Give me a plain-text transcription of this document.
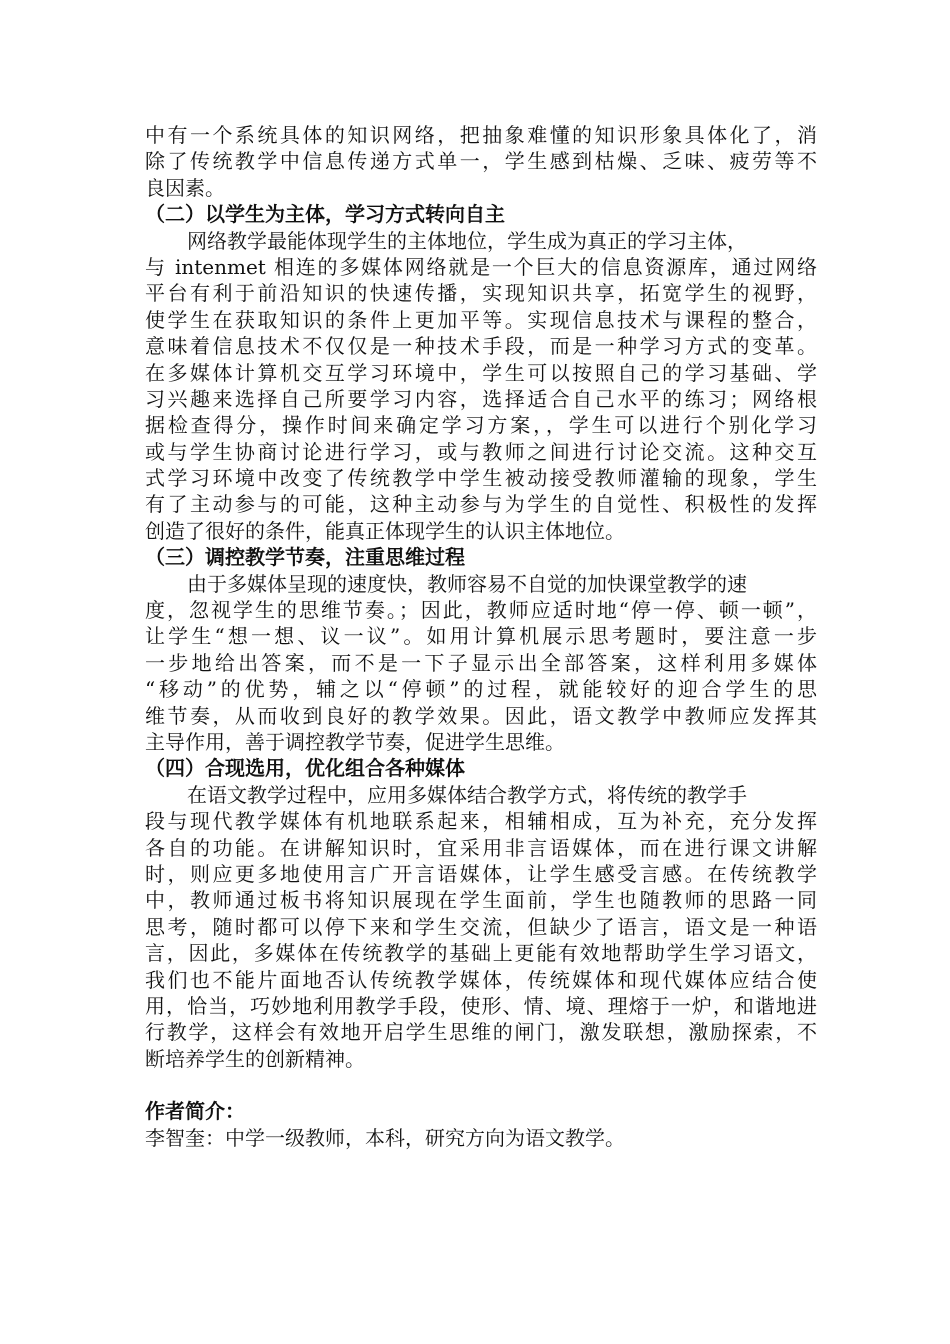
中有一个系统具体的知识网络，把抽象难懂的知识形象具体化了，消
除了传统教学中信息传递方式单一，学生感到枯燥、乏味、疲劳等不
良因素。
（二）以学生为主体，学习方式转向自主
网络教学最能体现学生的主体地位，学生成为真正的学习主体，
与 intenmet 相连的多媒体网络就是一个巨大的信息资源库，通过网络
平台有利于前沿知识的快速传播，实现知识共享，拓宽学生的视野，
使学生在获取知识的条件上更加平等。实现信息技术与课程的整合，
意味着信息技术不仅仅是一种技术手段，而是一种学习方式的变革。
在多媒体计算机交互学习环境中，学生可以按照自己的学习基础、学
习兴趣来选择自己所要学习内容，选择适合自己水平的练习；网络根
据检查得分，操作时间来确定学习方案，，学生可以进行个别化学习
或与学生协商讨论进行学习，或与教师之间进行讨论交流。这种交互
式学习环境中改变了传统教学中学生被动接受教师灌输的现象，学生
有了主动参与的可能，这种主动参与为学生的自觉性、积极性的发挥
创造了很好的条件，能真正体现学生的认识主体地位。
（三）调控教学节奏，注重思维过程
由于多媒体呈现的速度快，教师容易不自觉的加快课堂教学的速
度，忽视学生的思维节奏。；因此，教师应适时地“停一停、顿一顿”，
让学生“想一想、议一议”。如用计算机展示思考题时，要注意一步
一步地给出答案，而不是一下子显示出全部答案，这样利用多媒体
“移动”的优势，辅之以“停顿”的过程，就能较好的迎合学生的思
维节奏，从而收到良好的教学效果。因此，语文教学中教师应发挥其
主导作用，善于调控教学节奏，促进学生思维。
（四）合现选用，优化组合各种媒体
在语文教学过程中，应用多媒体结合教学方式，将传统的教学手
段与现代教学媒体有机地联系起来，相辅相成，互为补充，充分发挥
各自的功能。在讲解知识时，宜采用非言语媒体，而在进行课文讲解
时，则应更多地使用言广开言语媒体，让学生感受言感。在传统教学
中，教师通过板书将知识展现在学生面前，学生也随教师的思路一同
思考，随时都可以停下来和学生交流，但缺少了语言，语文是一种语
言，因此，多媒体在传统教学的基础上更能有效地帮助学生学习语文，
我们也不能片面地否认传统教学媒体，传统媒体和现代媒体应结合使
用，恰当，巧妙地利用教学手段，使形、情、境、理熔于一炉，和谐地进
行教学，这样会有效地开启学生思维的闸门，激发联想，激励探索，不
断培养学生的创新精神。
作者简介：
李智奎：中学一级教师，本科，研究方向为语文教学。
